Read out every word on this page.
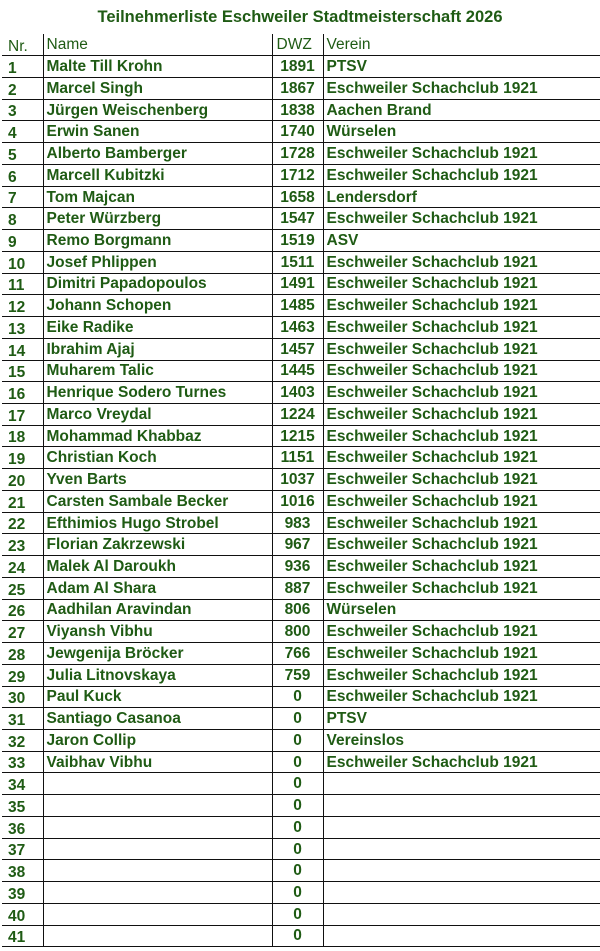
Teilnehmerliste Eschweiler Stadtmeisterschaft 2026
Nr.	Name	DWZ	Verein
1	Malte Till Krohn	1891	PTSV
2	Marcel Singh	1867	Eschweiler Schachclub 1921
3	Jürgen Weischenberg	1838	Aachen Brand
4	Erwin Sanen	1740	Würselen
5	Alberto Bamberger	1728	Eschweiler Schachclub 1921
6	Marcell Kubitzki	1712	Eschweiler Schachclub 1921
7	Tom Majcan	1658	Lendersdorf
8	Peter Würzberg	1547	Eschweiler Schachclub 1921
9	Remo Borgmann	1519	ASV
10	Josef Phlippen	1511	Eschweiler Schachclub 1921
11	Dimitri Papadopoulos	1491	Eschweiler Schachclub 1921
12	Johann Schopen	1485	Eschweiler Schachclub 1921
13	Eike Radike	1463	Eschweiler Schachclub 1921
14	Ibrahim Ajaj	1457	Eschweiler Schachclub 1921
15	Muharem Talic	1445	Eschweiler Schachclub 1921
16	Henrique Sodero Turnes	1403	Eschweiler Schachclub 1921
17	Marco Vreydal	1224	Eschweiler Schachclub 1921
18	Mohammad Khabbaz	1215	Eschweiler Schachclub 1921
19	Christian Koch	1151	Eschweiler Schachclub 1921
20	Yven Barts	1037	Eschweiler Schachclub 1921
21	Carsten Sambale Becker	1016	Eschweiler Schachclub 1921
22	Efthimios Hugo Strobel	983	Eschweiler Schachclub 1921
23	Florian Zakrzewski	967	Eschweiler Schachclub 1921
24	Malek Al Daroukh	936	Eschweiler Schachclub 1921
25	Adam Al Shara	887	Eschweiler Schachclub 1921
26	Aadhilan Aravindan	806	Würselen
27	Viyansh Vibhu	800	Eschweiler Schachclub 1921
28	Jewgenija Bröcker	766	Eschweiler Schachclub 1921
29	Julia Litnovskaya	759	Eschweiler Schachclub 1921
30	Paul Kuck	0	Eschweiler Schachclub 1921
31	Santiago Casanoa	0	PTSV
32	Jaron Collip	0	Vereinslos
33	Vaibhav Vibhu	0	Eschweiler Schachclub 1921
34		0	
35		0	
36		0	
37		0	
38		0	
39		0	
40		0	
41		0	
